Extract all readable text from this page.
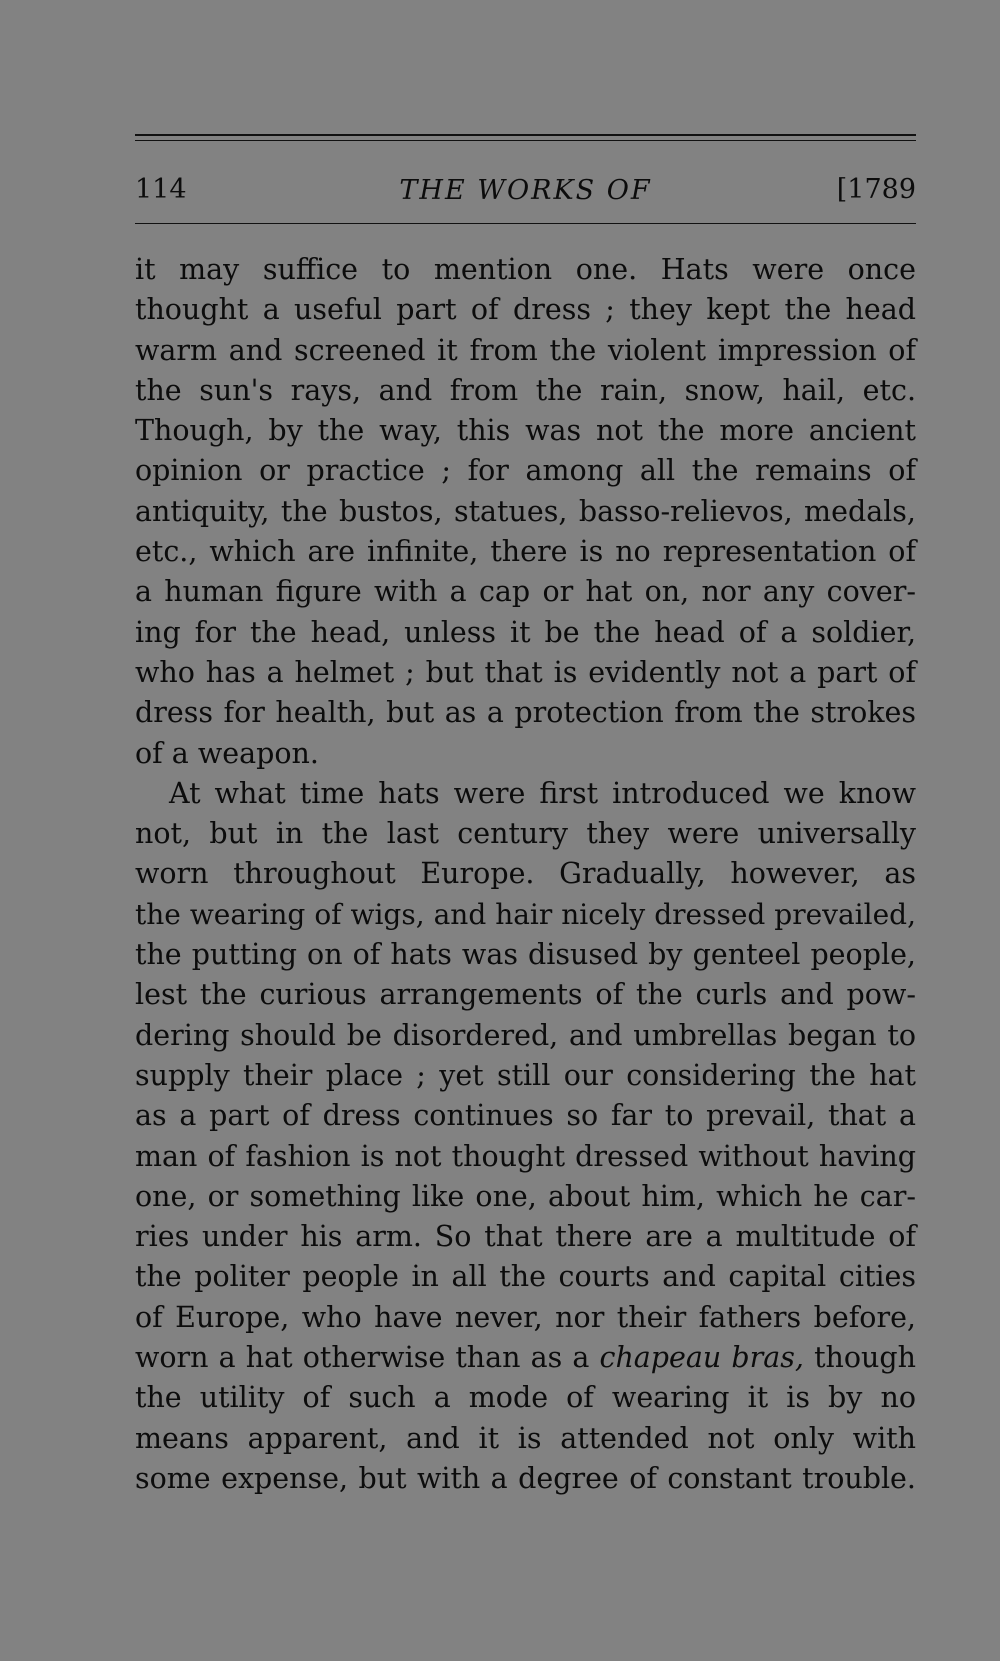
114	THE WORKS OF	[1789
it may suffice to mention one. Hats were once
thought a useful part of dress ; they kept the head
warm and screened it from the violent impression of
the sun's rays, and from the rain, snow, hail, etc.
Though, by the way, this was not the more ancient
opinion or practice ; for among all the remains of
antiquity, the bustos, statues, basso-relievos, medals,
etc., which are infinite, there is no representation of
a human figure with a cap or hat on, nor any cover-
ing for the head, unless it be the head of a soldier,
who has a helmet ; but that is evidently not a part of
dress for health, but as a protection from the strokes
of a weapon.
At what time hats were first introduced we know
not, but in the last century they were universally
worn throughout Europe. Gradually, however, as
the wearing of wigs, and hair nicely dressed prevailed,
the putting on of hats was disused by genteel people,
lest the curious arrangements of the curls and pow-
dering should be disordered, and umbrellas began to
supply their place ; yet still our considering the hat
as a part of dress continues so far to prevail, that a
man of fashion is not thought dressed without having
one, or something like one, about him, which he car-
ries under his arm. So that there are a multitude of
the politer people in all the courts and capital cities
of Europe, who have never, nor their fathers before,
worn a hat otherwise than as a chapeau bras, though
the utility of such a mode of wearing it is by no
means apparent, and it is attended not only with
some expense, but with a degree of constant trouble.
